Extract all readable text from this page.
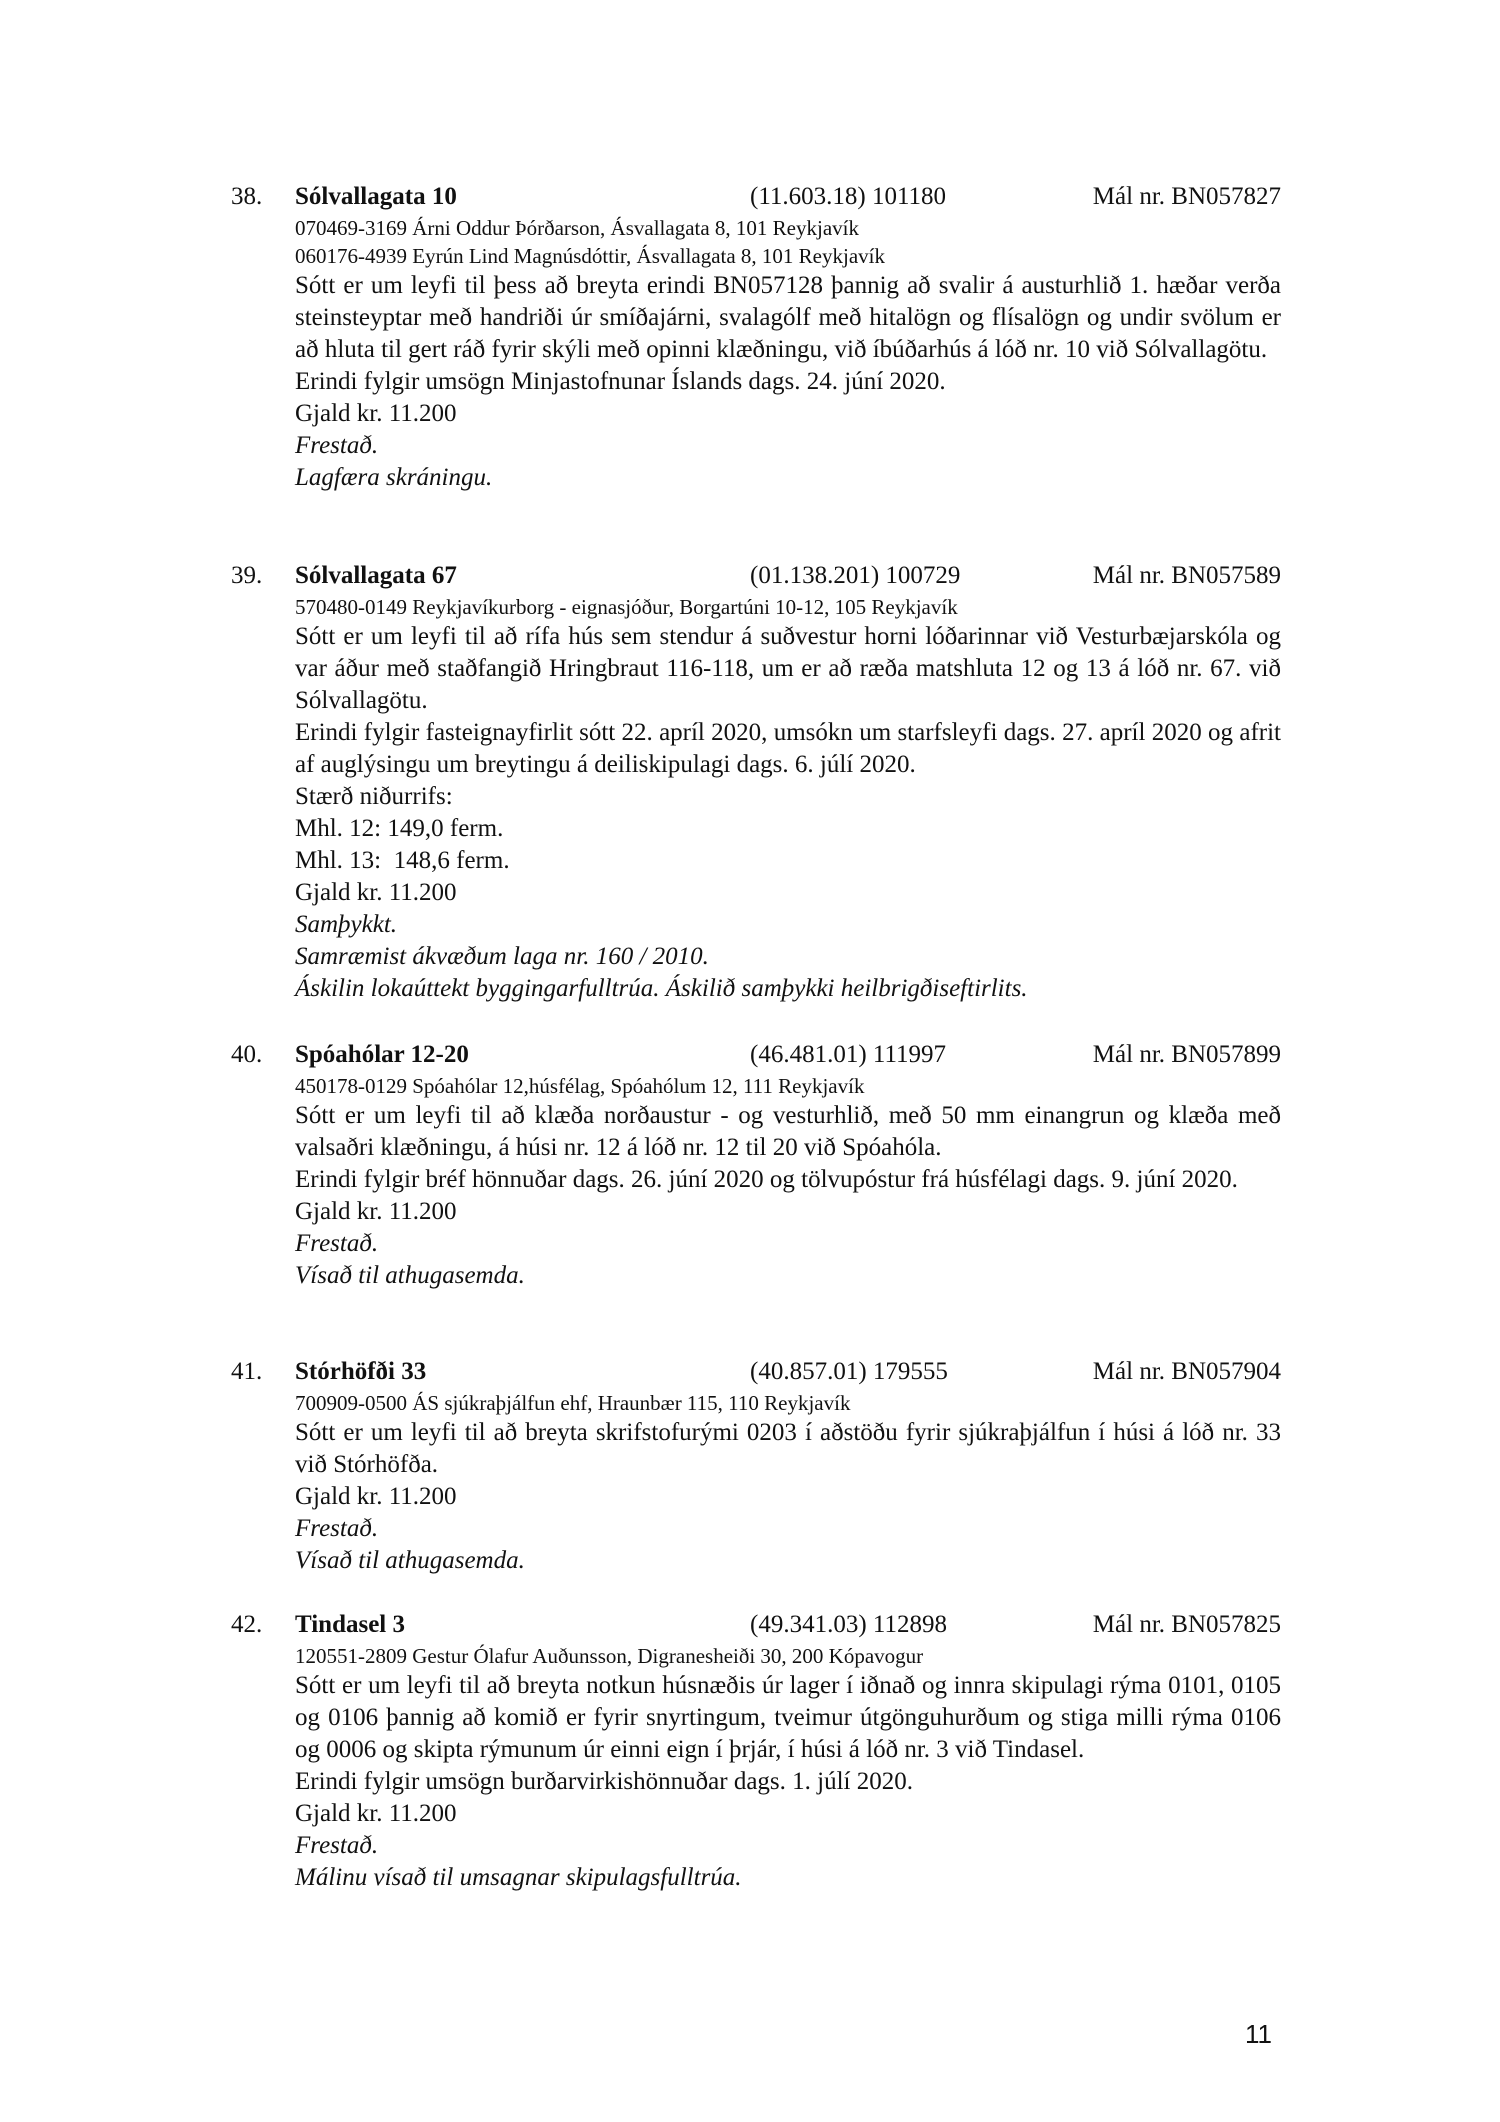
38. Sólvallagata 10	(11.603.18) 101180	Mál nr. BN057827
070469-3169 Árni Oddur Þórðarson, Ásvallagata 8, 101 Reykjavík
060176-4939 Eyrún Lind Magnúsdóttir, Ásvallagata 8, 101 Reykjavík
Sótt er um leyfi til þess að breyta erindi BN057128 þannig að svalir á austurhlið 1. hæðar verða steinsteyptar með handriði úr smíðajárni, svalagólf með hitalögn og flísalögn og undir svölum er að hluta til gert ráð fyrir skýli með opinni klæðningu, við íbúðarhús á lóð nr. 10 við Sólvallagötu.
Erindi fylgir umsögn Minjastofnunar Íslands dags. 24. júní 2020.
Gjald kr. 11.200
Frestað.
Lagfæra skráningu.
39. Sólvallagata 67	(01.138.201) 100729	Mál nr. BN057589
570480-0149 Reykjavíkurborg - eignasjóður, Borgartúni 10-12, 105 Reykjavík
Sótt er um leyfi til að rífa hús sem stendur á suðvestur horni lóðarinnar við Vesturbæjarskóla og var áður með staðfangið Hringbraut 116-118, um er að ræða matshluta 12 og 13 á lóð nr. 67. við Sólvallagötu.
Erindi fylgir fasteignayfirlit sótt 22. apríl 2020, umsókn um starfsleyfi dags. 27. apríl 2020 og afrit af auglýsingu um breytingu á deiliskipulagi dags. 6. júlí 2020.
Stærð niðurrifs:
Mhl. 12: 149,0 ferm.
Mhl. 13:  148,6 ferm.
Gjald kr. 11.200
Samþykkt.
Samræmist ákvæðum laga nr. 160 / 2010.
Áskilin lokaúttekt byggingarfulltrúa. Áskilið samþykki heilbrigðiseftirlits.
40. Spóahólar 12-20	(46.481.01) 111997	Mál nr. BN057899
450178-0129 Spóahólar 12,húsfélag, Spóahólum 12, 111 Reykjavík
Sótt er um leyfi til að klæða norðaustur - og vesturhlið, með 50 mm einangrun og klæða með valsaðri klæðningu, á húsi nr. 12 á lóð nr. 12 til 20 við Spóahóla.
Erindi fylgir bréf hönnuðar dags. 26. júní 2020 og tölvupóstur frá húsfélagi dags. 9. júní 2020.
Gjald kr. 11.200
Frestað.
Vísað til athugasemda.
41. Stórhöfði 33	(40.857.01) 179555	Mál nr. BN057904
700909-0500 ÁS sjúkraþjálfun ehf, Hraunbær 115, 110 Reykjavík
Sótt er um leyfi til að breyta skrifstofurými 0203 í aðstöðu fyrir sjúkraþjálfun í húsi á lóð nr. 33 við Stórhöfða.
Gjald kr. 11.200
Frestað.
Vísað til athugasemda.
42. Tindasel 3	(49.341.03) 112898	Mál nr. BN057825
120551-2809 Gestur Ólafur Auðunsson, Digranesheiði 30, 200 Kópavogur
Sótt er um leyfi til að breyta notkun húsnæðis úr lager í iðnað og innra skipulagi rýma 0101, 0105 og 0106 þannig að komið er fyrir snyrtingum, tveimur útgönguhurðum og stiga milli rýma 0106 og 0006 og skipta rýmunum úr einni eign í þrjár, í húsi á lóð nr. 3 við Tindasel.
Erindi fylgir umsögn burðarvirkishönnuðar dags. 1. júlí 2020.
Gjald kr. 11.200
Frestað.
Málinu vísað til umsagnar skipulagsfulltrúa.
11
